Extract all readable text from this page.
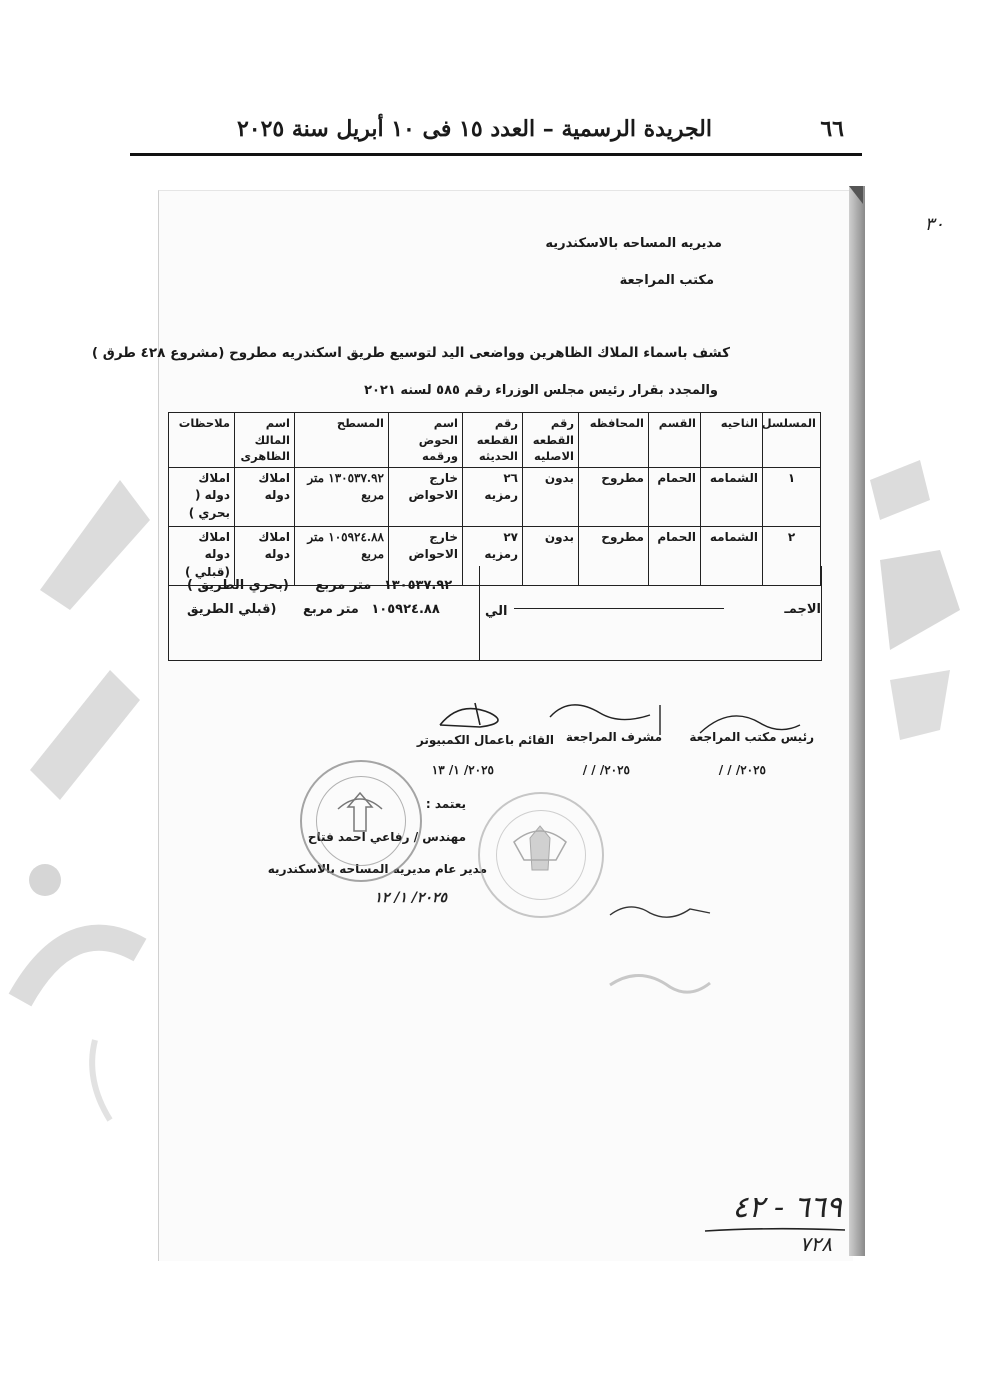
٦٦
الجريدة الرسمية – العدد ١٥ فى ١٠ أبريل سنة ٢٠٢٥
٣٠
مديريه المساحه بالاسكندريه
مكتب المراجعة
كشف باسماء الملاك الظاهرين وواضعى اليد لتوسيع طريق اسكندريه مطروح (مشروع ٤٢٨ طرق )
والمجدد بقرار رئيس مجلس الوزراء رقم ٥٨٥ لسنه ٢٠٢١
المسلسل	الناحيه	القسم	المحافظه	رقم القطعه الاصليه	رقم القطعه الحديثه	اسم الحوض ورقمه	المسطح	اسم المالك الظاهرى	ملاحظات
١	الشمامه	الحمام	مطروح	بدون	٢٦ رمزيه	خارج الاحواض	١٣٠٥٣٧.٩٢ متر مربع	املاك دوله	املاك دوله ( بحري )
٢	الشمامه	الحمام	مطروح	بدون	٢٧ رمزيه	خارج الاحواض	١٠٥٩٢٤.٨٨ متر مربع	املاك دوله	املاك دوله (قبلي )
الاجمـ
الي
١٣٠٥٣٧.٩٢ متر مربع (بحري الطريق )
١٠٥٩٢٤.٨٨ متر مربع (قبلي الطريق
رئيس مكتب المراجعة
مشرف المراجعة
القائم باعمال الكمبيوتر
٢٠٢٥/ / /
٢٠٢٥/ / /
٢٠٢٥/ ١/ ١٣
يعتمد :
مهندس / رفاعي احمد فتاح
مدير عام مديريه المساحه بالاسكندريه
٢٠٢٥/ ١/ ١٢
٦٦٩ - ٤٢
٧٢٨
